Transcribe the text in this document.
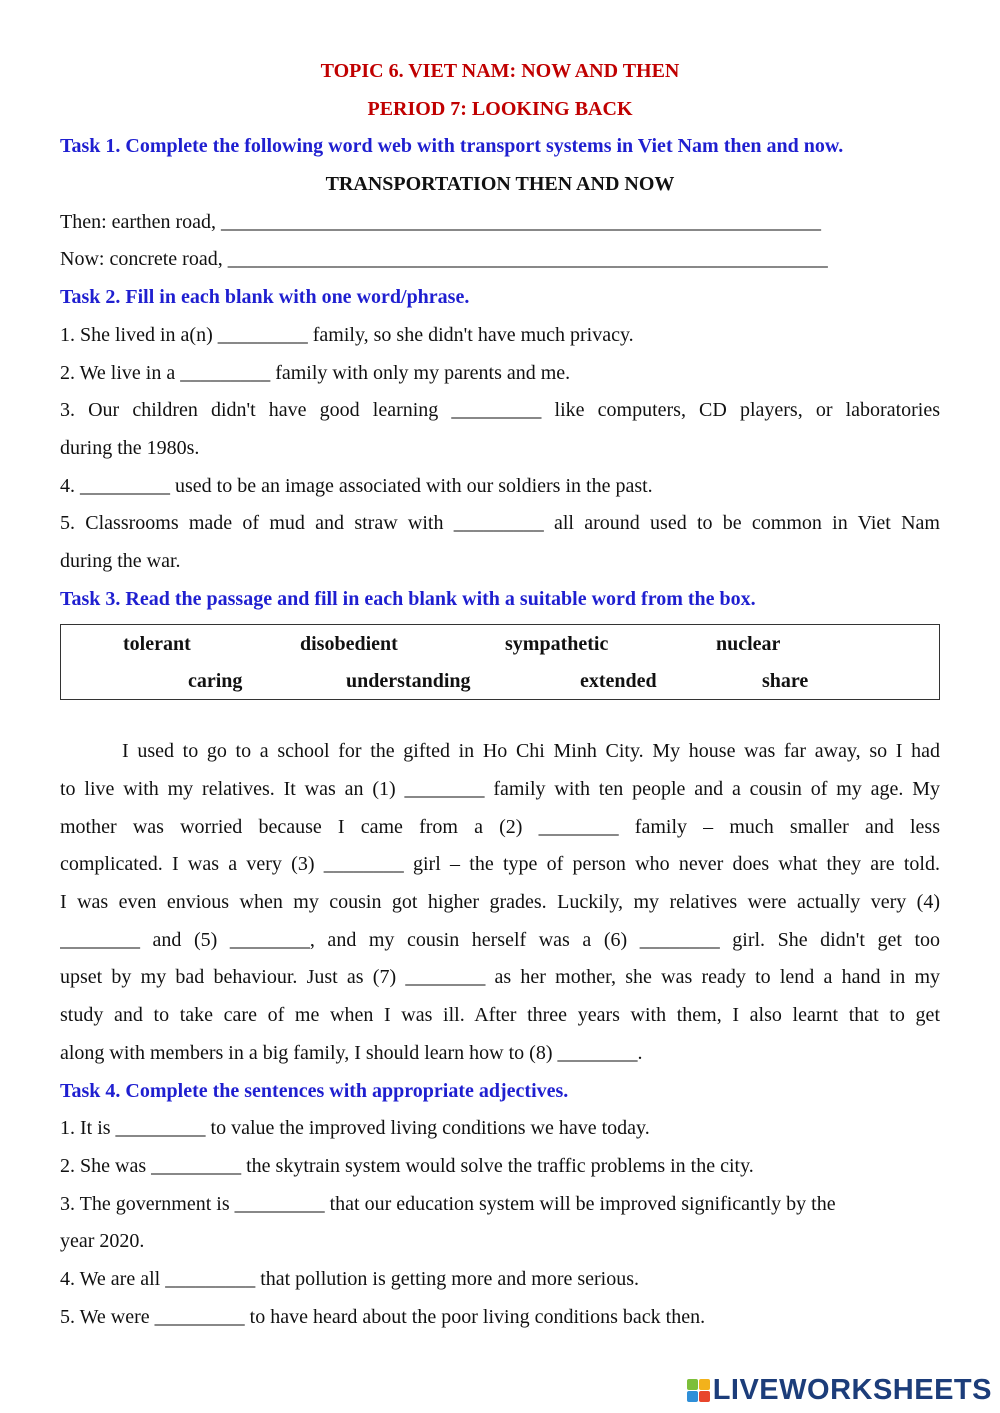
TOPIC 6. VIET NAM: NOW AND THEN
PERIOD 7: LOOKING BACK
Task 1. Complete the following word web with transport systems in Viet Nam then and now.
TRANSPORTATION THEN AND NOW
Then: earthen road, ____________________________________________________________
Now: concrete road, ____________________________________________________________
Task 2. Fill in each blank with one word/phrase.
1. She lived in a(n) _________ family, so she didn't have much privacy.
2. We live in a _________ family with only my parents and me.
3. Our children didn't have good learning _________ like computers, CD players, or laboratories
during the 1980s.
4. _________ used to be an image associated with our soldiers in the past.
5. Classrooms made of mud and straw with _________ all around used to be common in Viet Nam
during the war.
Task 3. Read the passage and fill in each blank with a suitable word from the box.
tolerant	disobedient	sympathetic	nuclear
caring	understanding	extended	share
I used to go to a school for the gifted in Ho Chi Minh City. My house was far away, so I had
to live with my relatives. It was an (1) ________ family with ten people and a cousin of my age. My
mother was worried because I came from a (2) ________ family – much smaller and less
complicated. I was a very (3) ________ girl – the type of person who never does what they are told.
I was even envious when my cousin got higher grades. Luckily, my relatives were actually very (4)
________ and (5) ________, and my cousin herself was a (6) ________ girl. She didn't get too
upset by my bad behaviour. Just as (7) ________ as her mother, she was ready to lend a hand in my
study and to take care of me when I was ill. After three years with them, I also learnt that to get
along with members in a big family, I should learn how to (8) ________.
Task 4. Complete the sentences with appropriate adjectives.
1. It is _________ to value the improved living conditions we have today.
2. She was _________ the skytrain system would solve the traffic problems in the city.
3. The government is _________ that our education system will be improved significantly by the
year 2020.
4. We are all _________ that pollution is getting more and more serious.
5. We were _________ to have heard about the poor living conditions back then.
LIVEWORKSHEETS
